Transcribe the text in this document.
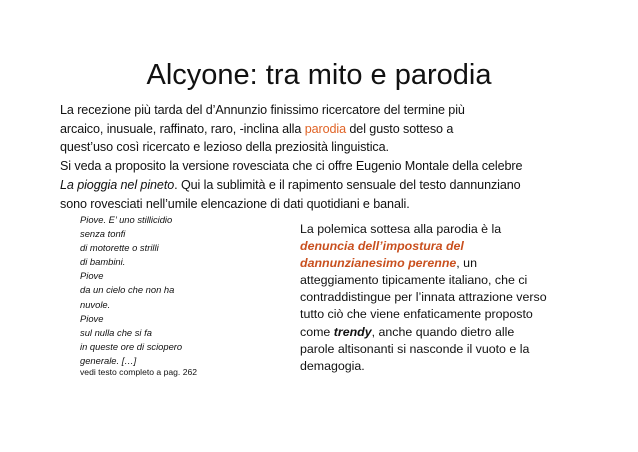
Alcyone: tra mito e parodia
La recezione più tarda del d’Annunzio finissimo ricercatore del termine più
arcaico, inusuale, raffinato, raro, -inclina alla parodia del gusto sotteso a
quest’uso così ricercato e lezioso della preziosità linguistica.
Si veda a proposito la versione rovesciata che ci offre Eugenio Montale della celebre
La pioggia nel pineto. Qui la sublimità e il rapimento sensuale del testo dannunziano
sono rovesciati nell’umile elencazione di dati quotidiani e banali.
Piove. E’ uno stillicidio
senza tonfi
di motorette o strilli
di bambini.
Piove
da un cielo che non ha
nuvole.
Piove
sul nulla che si fa
in queste ore di sciopero
generale. […]
vedi testo completo a pag. 262
La polemica sottesa alla parodia è la denuncia dell’impostura del dannunzianesimo perenne, un atteggiamento tipicamente italiano, che ci contraddistingue per l’innata attrazione verso tutto ciò che viene enfaticamente proposto come trendy, anche quando dietro alle parole altisonanti si nasconde il vuoto e la demagogia.
